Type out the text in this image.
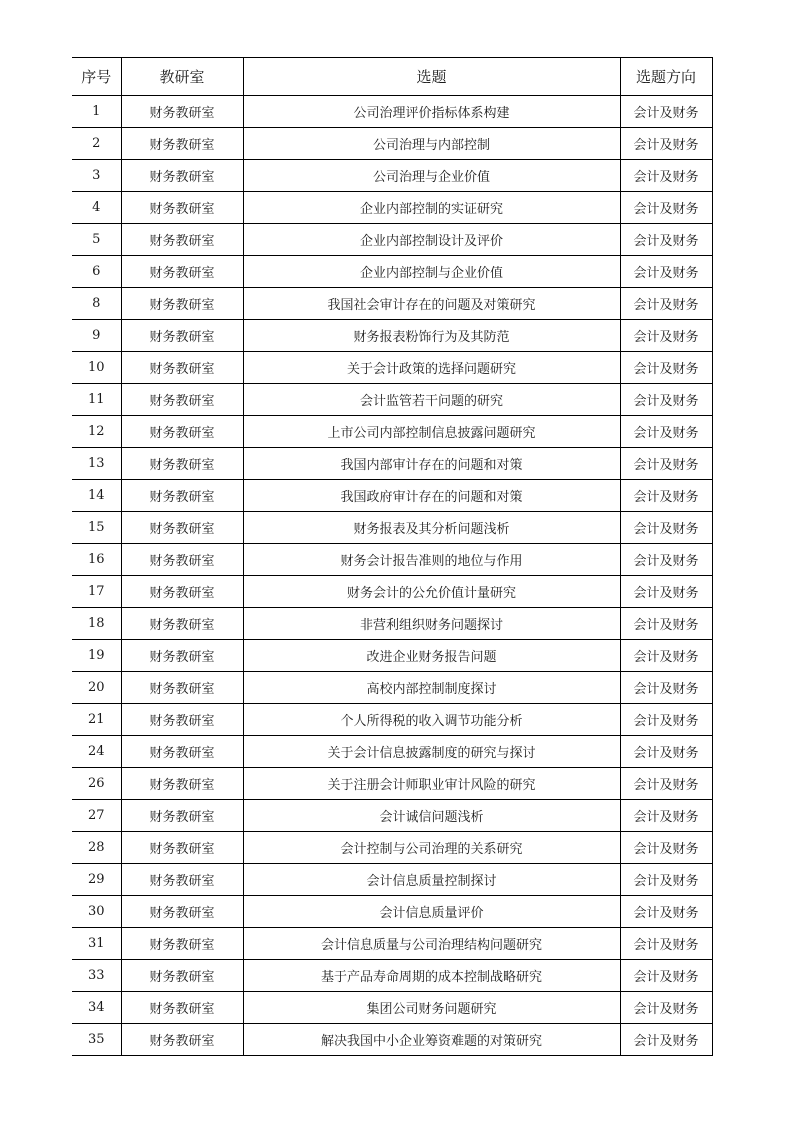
序号	教研室	选题	选题方向
1	财务教研室	公司治理评价指标体系构建	会计及财务
2	财务教研室	公司治理与内部控制	会计及财务
3	财务教研室	公司治理与企业价值	会计及财务
4	财务教研室	企业内部控制的实证研究	会计及财务
5	财务教研室	企业内部控制设计及评价	会计及财务
6	财务教研室	企业内部控制与企业价值	会计及财务
8	财务教研室	我国社会审计存在的问题及对策研究	会计及财务
9	财务教研室	财务报表粉饰行为及其防范	会计及财务
10	财务教研室	关于会计政策的选择问题研究	会计及财务
11	财务教研室	会计监管若干问题的研究	会计及财务
12	财务教研室	上市公司内部控制信息披露问题研究	会计及财务
13	财务教研室	我国内部审计存在的问题和对策	会计及财务
14	财务教研室	我国政府审计存在的问题和对策	会计及财务
15	财务教研室	财务报表及其分析问题浅析	会计及财务
16	财务教研室	财务会计报告准则的地位与作用	会计及财务
17	财务教研室	财务会计的公允价值计量研究	会计及财务
18	财务教研室	非营利组织财务问题探讨	会计及财务
19	财务教研室	改进企业财务报告问题	会计及财务
20	财务教研室	高校内部控制制度探讨	会计及财务
21	财务教研室	个人所得税的收入调节功能分析	会计及财务
24	财务教研室	关于会计信息披露制度的研究与探讨	会计及财务
26	财务教研室	关于注册会计师职业审计风险的研究	会计及财务
27	财务教研室	会计诚信问题浅析	会计及财务
28	财务教研室	会计控制与公司治理的关系研究	会计及财务
29	财务教研室	会计信息质量控制探讨	会计及财务
30	财务教研室	会计信息质量评价	会计及财务
31	财务教研室	会计信息质量与公司治理结构问题研究	会计及财务
33	财务教研室	基于产品寿命周期的成本控制战略研究	会计及财务
34	财务教研室	集团公司财务问题研究	会计及财务
35	财务教研室	解决我国中小企业筹资难题的对策研究	会计及财务
